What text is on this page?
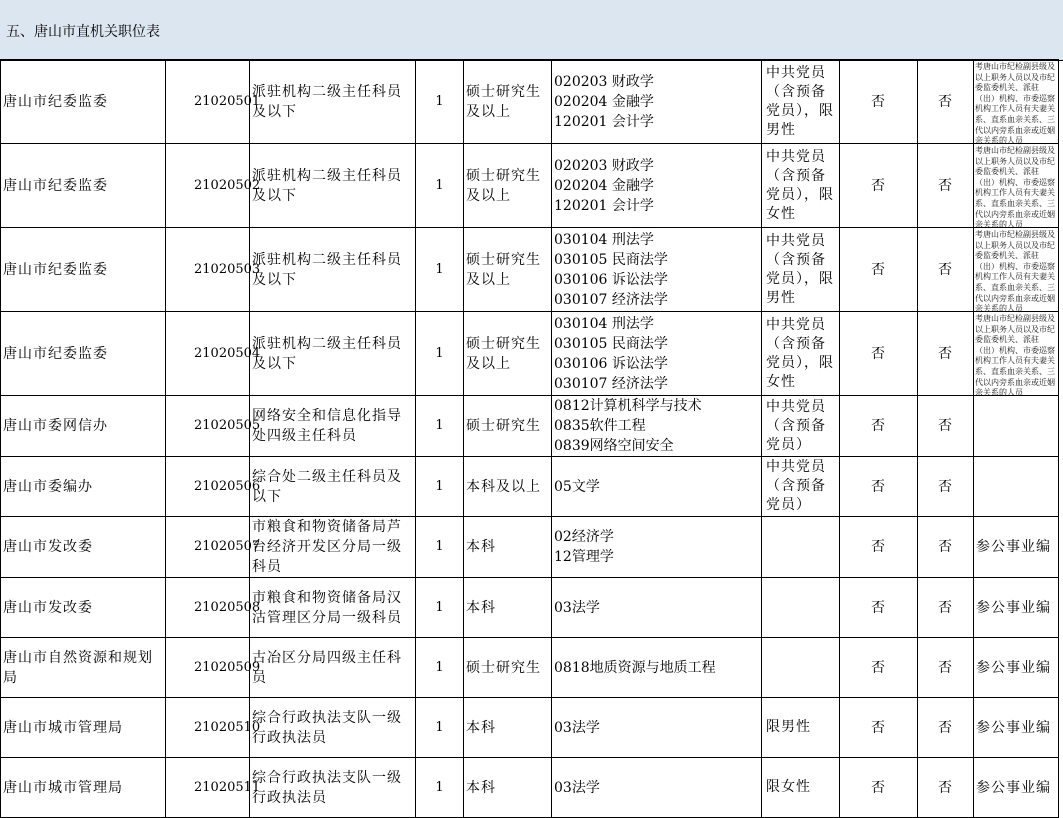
五、唐山市直机关职位表
唐山市纪委监委	21020501	派驻机构二级主任科员及以下	1	硕士研究生及以上	020203 财政学
020204 金融学
120201 会计学	中共党员（含预备党员），限男性	否	否	考唐山市纪检副县级及以上职务人员以及市纪委监委机关、派驻（出）机构、市委巡察机构工作人员有夫妻关系、直系血亲关系、三代以内旁系血亲或近姻亲关系的人员

唐山市纪委监委	21020502	派驻机构二级主任科员及以下	1	硕士研究生及以上	020203 财政学
020204 金融学
120201 会计学	中共党员（含预备党员），限女性	否	否	考唐山市纪检副县级及以上职务人员以及市纪委监委机关、派驻（出）机构、市委巡察机构工作人员有夫妻关系、直系血亲关系、三代以内旁系血亲或近姻亲关系的人员

唐山市纪委监委	21020503	派驻机构二级主任科员及以下	1	硕士研究生及以上	030104 刑法学
030105 民商法学
030106 诉讼法学
030107 经济法学	中共党员（含预备党员），限男性	否	否	考唐山市纪检副县级及以上职务人员以及市纪委监委机关、派驻（出）机构、市委巡察机构工作人员有夫妻关系、直系血亲关系、三代以内旁系血亲或近姻亲关系的人员

唐山市纪委监委	21020504	派驻机构二级主任科员及以下	1	硕士研究生及以上	030104 刑法学
030105 民商法学
030106 诉讼法学
030107 经济法学	中共党员（含预备党员），限女性	否	否	考唐山市纪检副县级及以上职务人员以及市纪委监委机关、派驻（出）机构、市委巡察机构工作人员有夫妻关系、直系血亲关系、三代以内旁系血亲或近姻亲关系的人员

唐山市委网信办	21020505	网络安全和信息化指导处四级主任科员	1	硕士研究生	0812计算机科学与技术
0835软件工程
0839网络空间安全	中共党员（含预备党员）	否	否	
唐山市委编办	21020506	综合处二级主任科员及以下	1	本科及以上	05文学	中共党员（含预备党员）	否	否	
唐山市发改委	21020507	市粮食和物资储备局芦台经济开发区分局一级科员	1	本科	02经济学
12管理学		否	否	参公事业编
唐山市发改委	21020508	市粮食和物资储备局汉沽管理区分局一级科员	1	本科	03法学		否	否	参公事业编
唐山市自然资源和规划局	21020509	古冶区分局四级主任科员	1	硕士研究生	0818地质资源与地质工程		否	否	参公事业编
唐山市城市管理局	21020510	综合行政执法支队一级行政执法员	1	本科	03法学	限男性	否	否	参公事业编
唐山市城市管理局	21020511	综合行政执法支队一级行政执法员	1	本科	03法学	限女性	否	否	参公事业编
